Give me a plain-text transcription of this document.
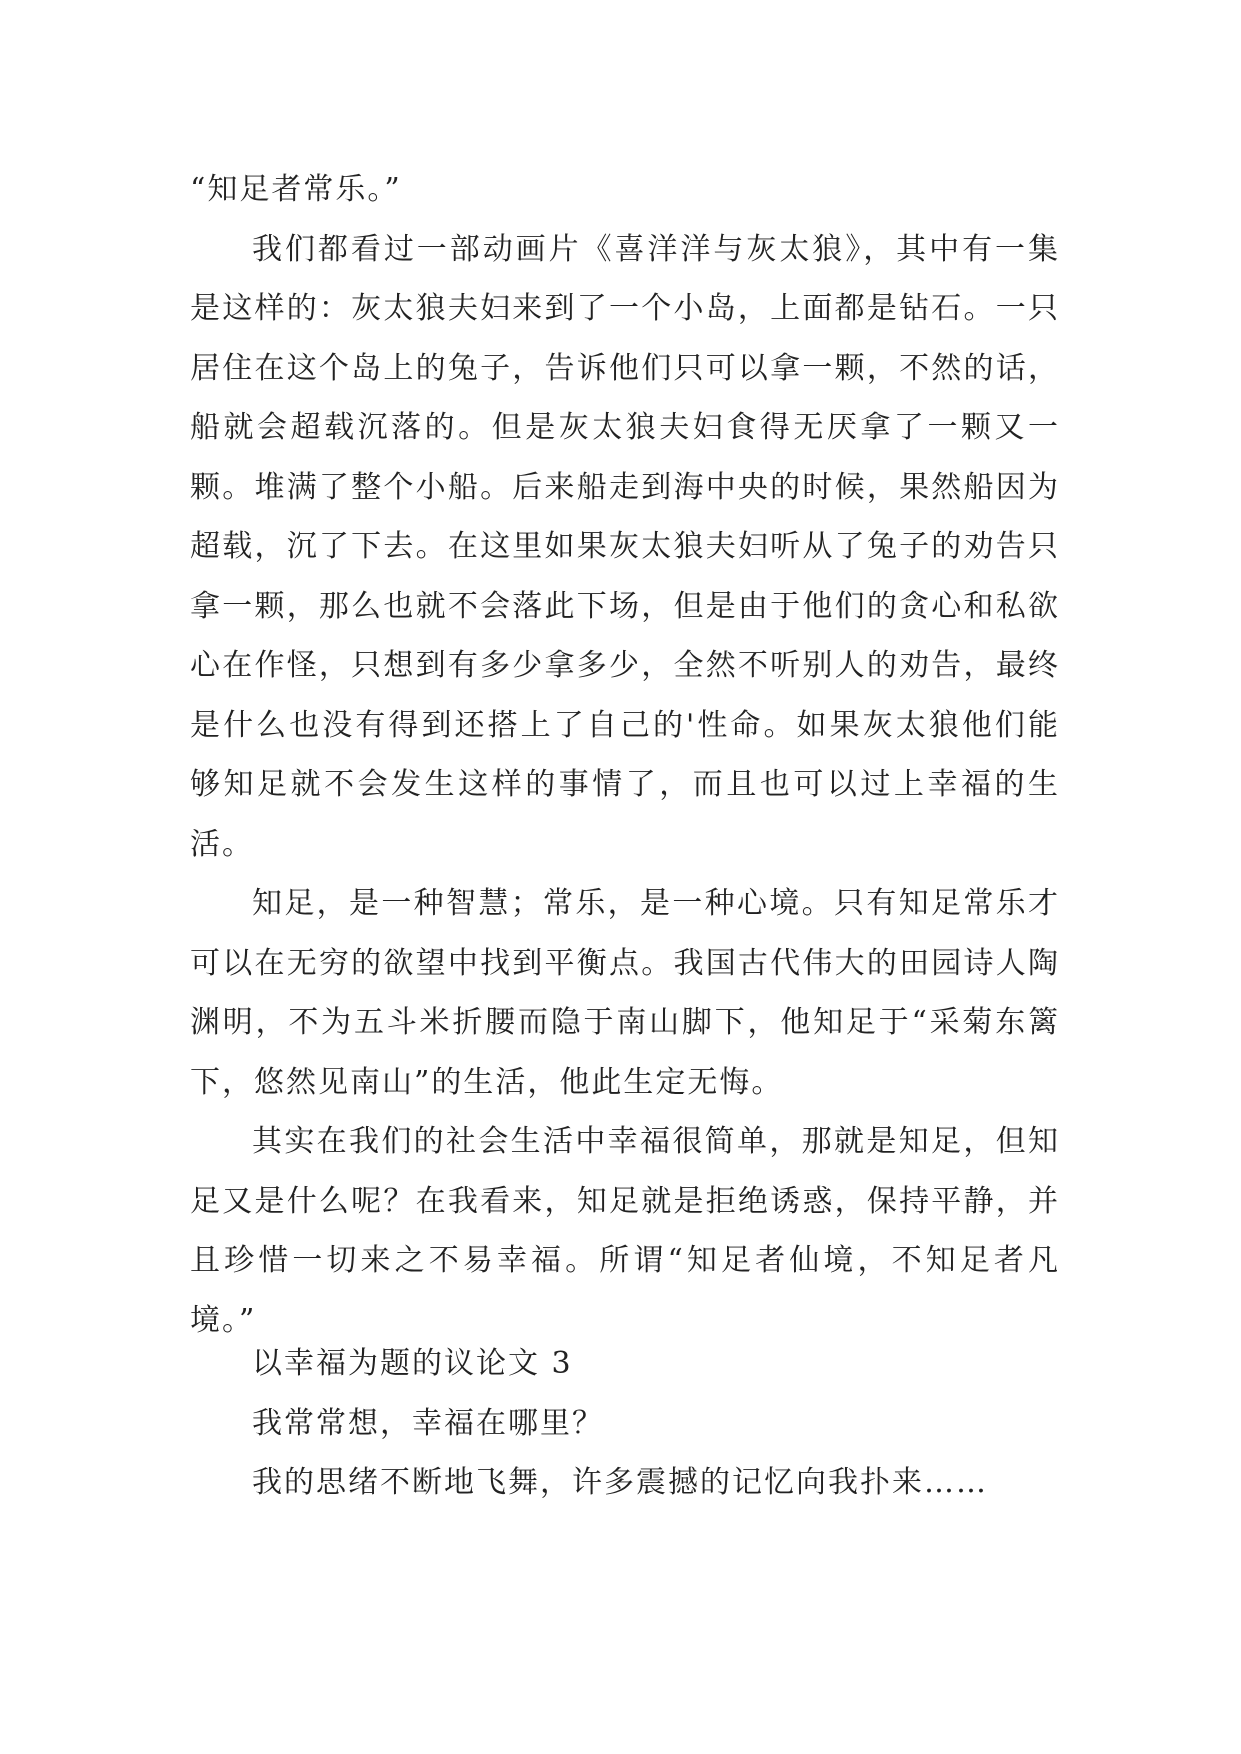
“知足者常乐。”

我们都看过一部动画片《喜洋洋与灰太狼》，其中有一集是这样的：灰太狼夫妇来到了一个小岛，上面都是钻石。一只居住在这个岛上的兔子，告诉他们只可以拿一颗，不然的话，船就会超载沉落的。但是灰太狼夫妇食得无厌拿了一颗又一颗。堆满了整个小船。后来船走到海中央的时候，果然船因为超载，沉了下去。在这里如果灰太狼夫妇听从了兔子的劝告只拿一颗，那么也就不会落此下场，但是由于他们的贪心和私欲心在作怪，只想到有多少拿多少，全然不听别人的劝告，最终是什么也没有得到还搭上了自己的'性命。如果灰太狼他们能够知足就不会发生这样的事情了，而且也可以过上幸福的生活。

知足，是一种智慧；常乐，是一种心境。只有知足常乐才可以在无穷的欲望中找到平衡点。我国古代伟大的田园诗人陶渊明，不为五斗米折腰而隐于南山脚下，他知足于“采菊东篱下，悠然见南山”的生活，他此生定无悔。

其实在我们的社会生活中幸福很简单，那就是知足，但知足又是什么呢？在我看来，知足就是拒绝诱惑，保持平静，并且珍惜一切来之不易幸福。所谓“知足者仙境，不知足者凡境。”

以幸福为题的议论文 3

我常常想，幸福在哪里？

我的思绪不断地飞舞，许多震撼的记忆向我扑来……
